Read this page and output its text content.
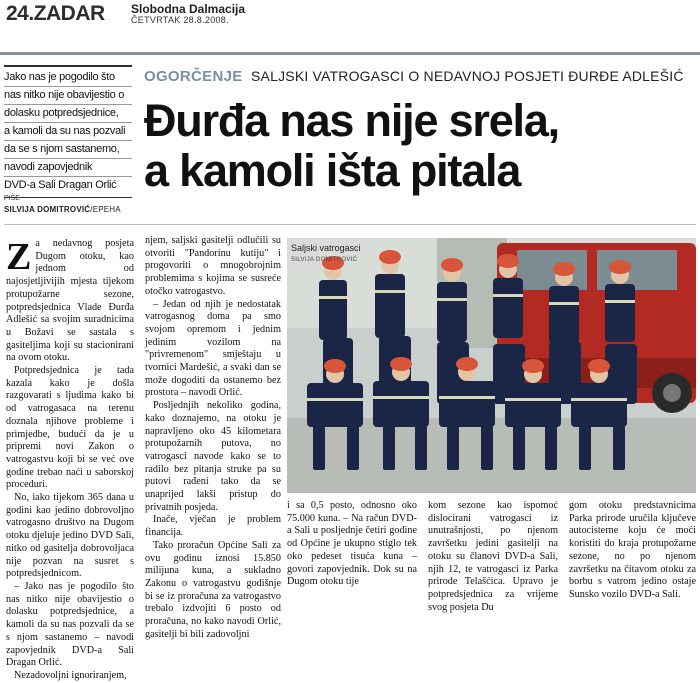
24.ZADAR Slobodna Dalmacija
ČETVRTAK 28.8.2008.
OGORČENJE SALJSKI VATROGASCI O NEDAVNOJ POSJETI ĐURĐE ADLEŠIĆ
Đurđa nas nije srela,
a kamoli išta pitala

Jako nas je pogodilo što
nas nitko nije obavijestio o
dolasku potpredsjednice,
a kamoli da su nas pozvali
da se s njom sastanemo,
navodi zapovjednik
DVD-a Sali Dragan Orlić

PIŠE
SILVIJA DOMITROVIĆ/EPEHA

Za nedavnog posjeta Dugom otoku, kao jednom od najosjetljivijih mjesta tijekom protupožarne sezone, potpredsjednica Vlade Đurđa Adlešić sa svojim suradnicima u Božavi se sastala s gasiteljima koji su stacionirani na ovom otoku.

Potpredsjednica je tada kazala kako je došla razgovarati s ljudima kako bi od vatrogasaca na terenu doznala njihove probleme i primjedbe, budući da je u pripremi novi Zakon o vatrogastvu koji bi se već ove godine trebao naći u saborskoj proceduri.

No, iako tijekom 365 dana u godini kao jedino dobrovoljno vatrogasno društvo na Dugom otoku djeluje jedino DVD Sali, nitko od gasitelja dobrovoljaca nije pozvan na susret s potpredsjednicom.

– Jako nas je pogodilo što nas nitko nije obavijestio o dolasku potpredsjednice, a kamoli da su nas pozvali da se s njom sastanemo – navodi zapovjednik DVD-a Sali Dragan Orlić.

Nezadovoljni ignoriranjem,

njem, saljski gasitelji odlučili su otvoriti "Pandorinu kutiju" i progovoriti o mnogobrojnim problemima s kojima se susreće otočko vatrogastvo.

– Jedan od njih je nedostatak vatrogasnog doma pa smo svojom opremom i jednim jedinim vozilom na "privremenom" smještaju u tvornici Mardešić, a svaki dan se može dogoditi da ostanemo bez prostora – navodi Orlić.

Posljednjih nekoliko godina, kako doznajemo, na otoku je napravljeno oko 45 kilometara protupožarnih putova, no vatrogasci navode kako se to radilo bez pitanja struke pa su putovi rađeni tako da se unaprijed lakši pristup do privatnih posjeda.

Inače, vječan je problem financija.

Tako proračun Općine Sali za ovu godinu iznosi 15.850 milijuna kuna, a sukladno Zakonu o vatrogastvu godišnje bi se iz proračuna za vatrogastvo trebalo izdvojiti 6 posto od proračuna, no kako navodi Orlić, gasitelji bi bili zadovoljni

Saljski vatrogasci
SILVIJA DOMITROVIĆ
i sa 0,5 posto, odnosno oko 75.000 kuna. – Na račun DVD-a Sali u posljednje četiri godine od Općine je ukupno stiglo tek oko pedeset tisuća kuna – govori zapovjednik. Dok su na Dugom otoku tije
kom sezone kao ispomoć dislocirani vatrogasci iz unutrašnjosti, po njenom završetku jedini gasitelji na otoku su članovi DVD-a Sali, njih 12, te vatrogasci iz Parka prirode Telašćica. Upravo je potpredsjednica za vrijeme svog posjeta Du
gom otoku predstavnicima Parka prirode uručila ključeve autocisterne koju će moći koristiti do kraja protupožarne sezone, no po njenom završetku na čitavom otoku za borbu s vatrom jedino ostaje Sunsko vozilo DVD-a Sali.
